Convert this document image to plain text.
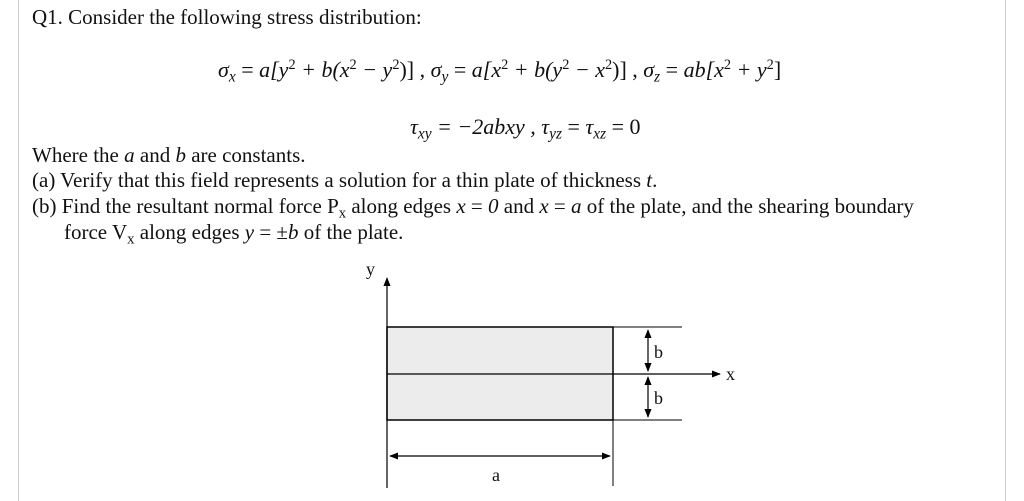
Q1. Consider the following stress distribution:
$\sigma_x = a[y^2 + b(x^2 - y^2)]$ , $\sigma_y = a[x^2 + b(y^2 - x^2)]$ , $\sigma_z = ab[x^2 + y^2]$
$\tau_{xy}$ = −2abxy , $\tau_{yz} = \tau_{xz} = 0$
Where the a and b are constants.
(a) Verify that this field represents a solution for a thin plate of thickness t.
(b) Find the resultant normal force $P_x$ along edges x = 0 and x = a of the plate, and the shearing boundary
force $V_x$ along edges y = ±b of the plate.
y
x
b
b
a
